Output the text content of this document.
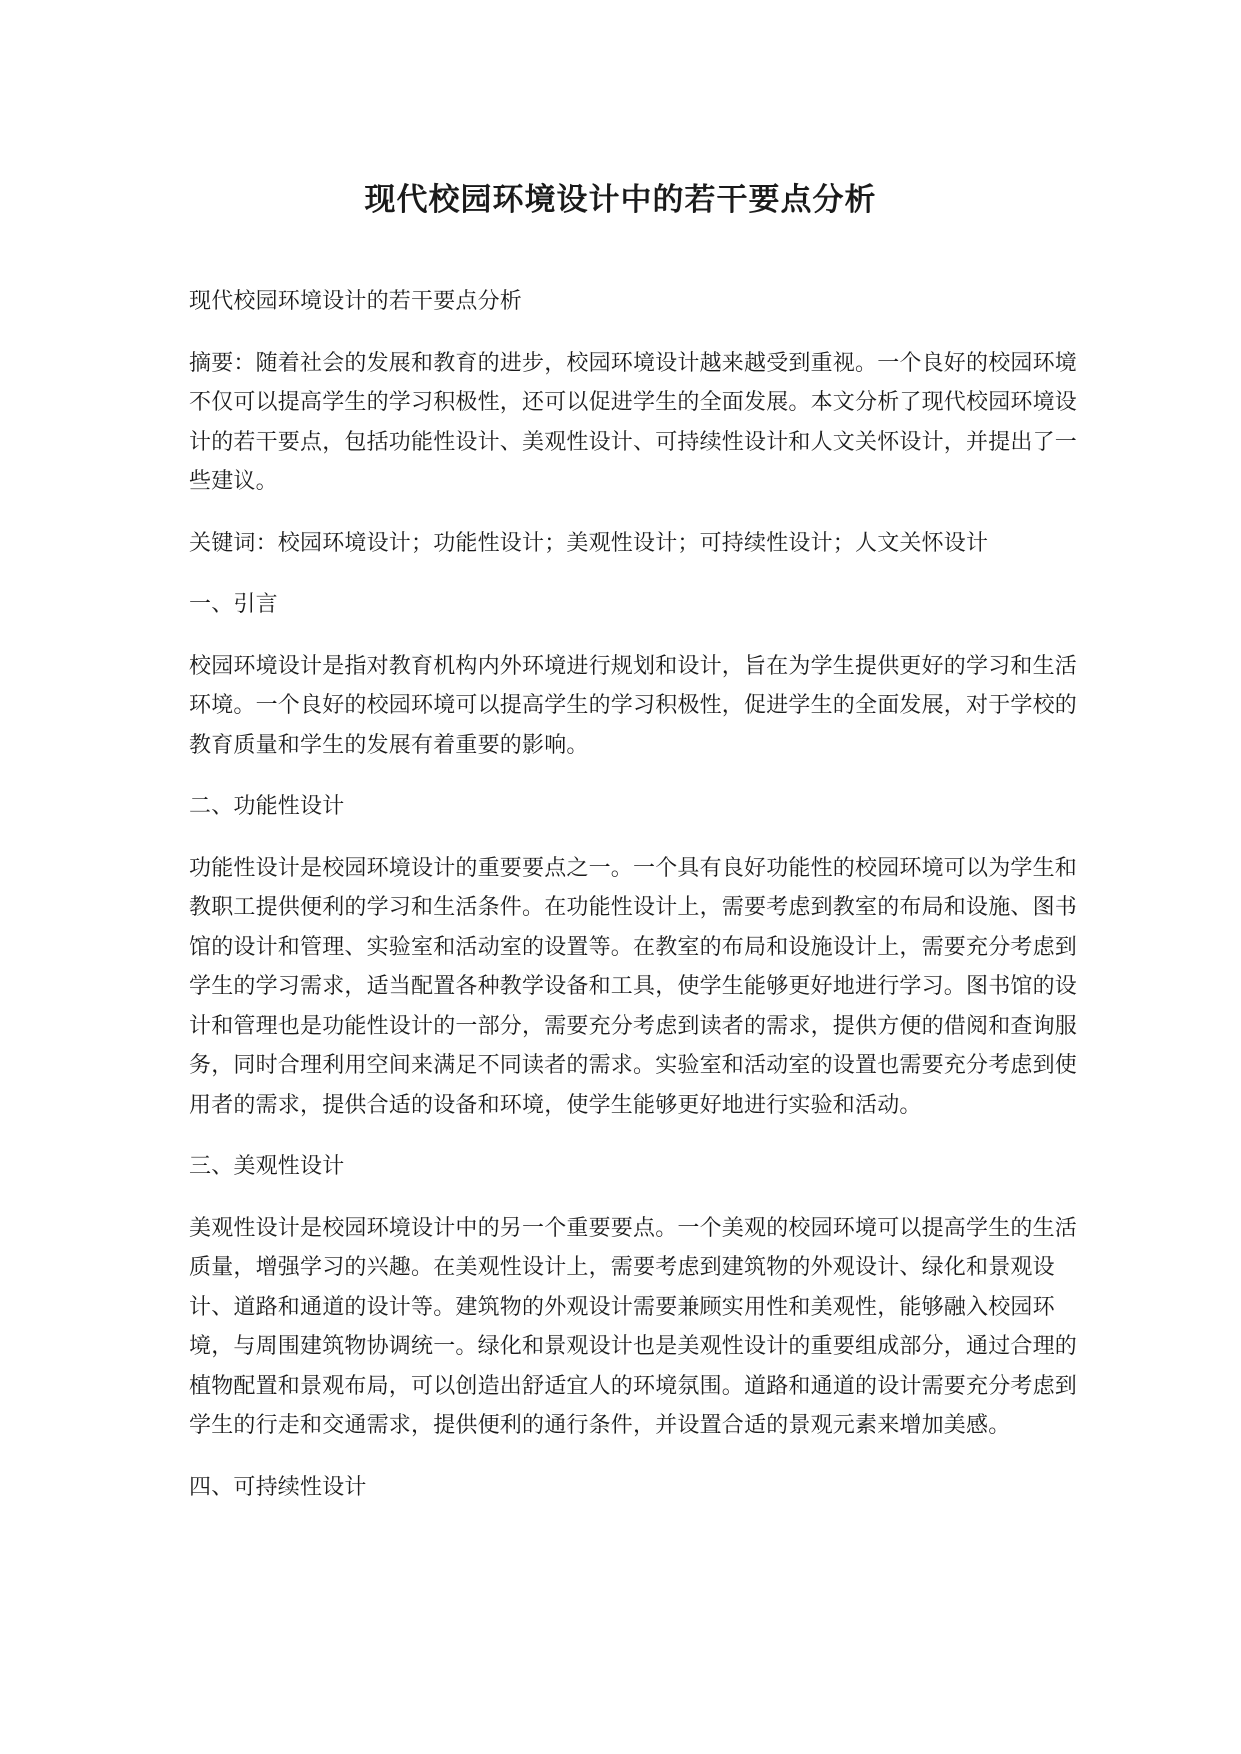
现代校园环境设计中的若干要点分析

现代校园环境设计的若干要点分析

摘要：随着社会的发展和教育的进步，校园环境设计越来越受到重视。一个良好的校园环境不仅可以提高学生的学习积极性，还可以促进学生的全面发展。本文分析了现代校园环境设计的若干要点，包括功能性设计、美观性设计、可持续性设计和人文关怀设计，并提出了一些建议。

关键词：校园环境设计；功能性设计；美观性设计；可持续性设计；人文关怀设计

一、引言

校园环境设计是指对教育机构内外环境进行规划和设计，旨在为学生提供更好的学习和生活环境。一个良好的校园环境可以提高学生的学习积极性，促进学生的全面发展，对于学校的教育质量和学生的发展有着重要的影响。

二、功能性设计

功能性设计是校园环境设计的重要要点之一。一个具有良好功能性的校园环境可以为学生和教职工提供便利的学习和生活条件。在功能性设计上，需要考虑到教室的布局和设施、图书馆的设计和管理、实验室和活动室的设置等。在教室的布局和设施设计上，需要充分考虑到学生的学习需求，适当配置各种教学设备和工具，使学生能够更好地进行学习。图书馆的设计和管理也是功能性设计的一部分，需要充分考虑到读者的需求，提供方便的借阅和查询服务，同时合理利用空间来满足不同读者的需求。实验室和活动室的设置也需要充分考虑到使用者的需求，提供合适的设备和环境，使学生能够更好地进行实验和活动。

三、美观性设计

美观性设计是校园环境设计中的另一个重要要点。一个美观的校园环境可以提高学生的生活质量，增强学习的兴趣。在美观性设计上，需要考虑到建筑物的外观设计、绿化和景观设计、道路和通道的设计等。建筑物的外观设计需要兼顾实用性和美观性，能够融入校园环境，与周围建筑物协调统一。绿化和景观设计也是美观性设计的重要组成部分，通过合理的植物配置和景观布局，可以创造出舒适宜人的环境氛围。道路和通道的设计需要充分考虑到学生的行走和交通需求，提供便利的通行条件，并设置合适的景观元素来增加美感。

四、可持续性设计
